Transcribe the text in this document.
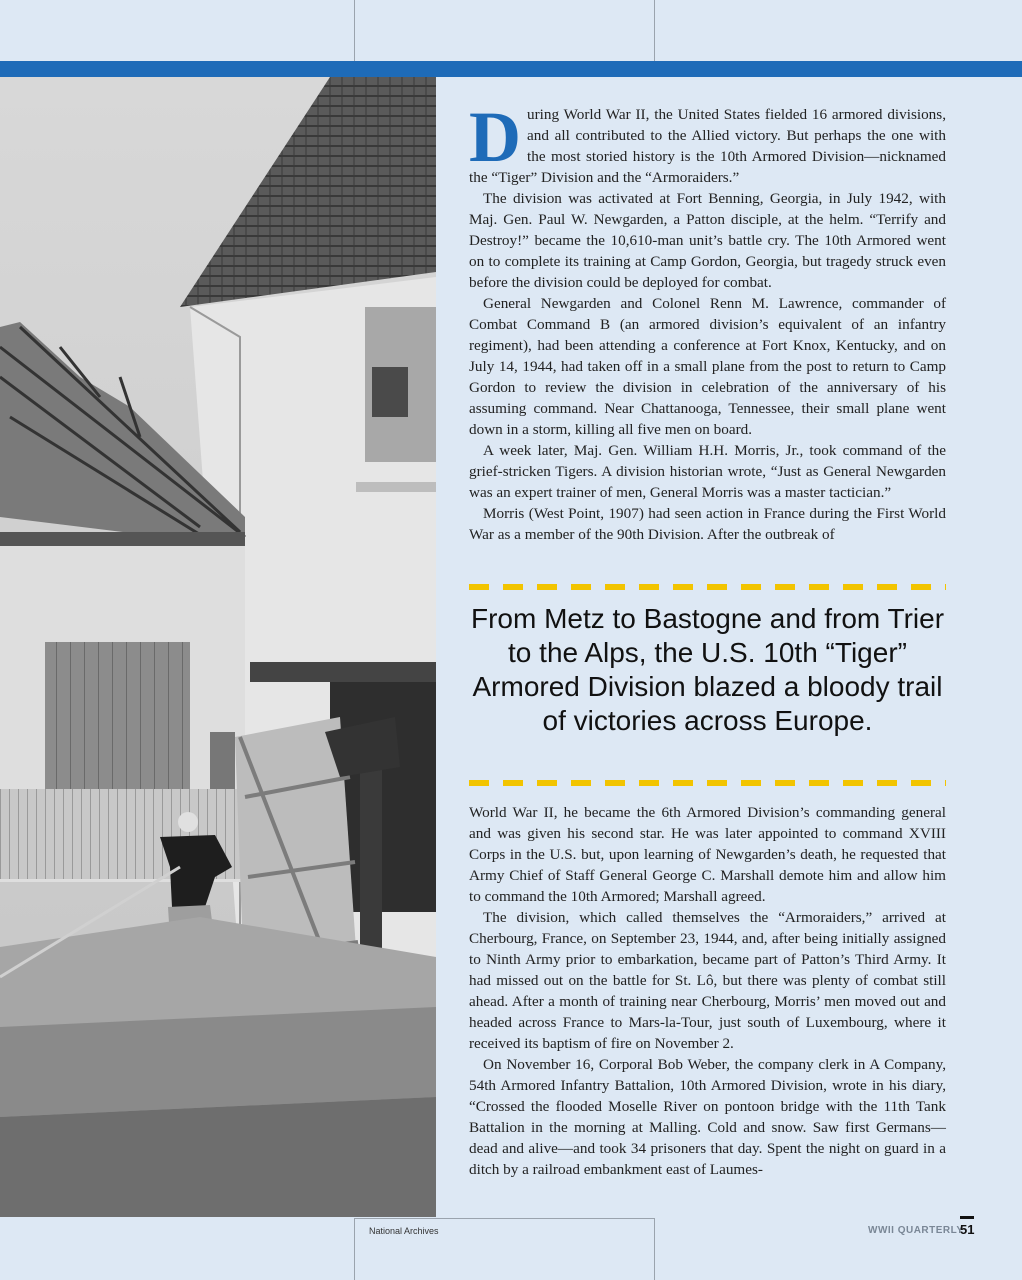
During World War II, the United States fielded 16 armored divisions, and all contributed to the Allied victory. But perhaps the one with the most storied history is the 10th Armored Division—nicknamed the “Tiger” Division and the “Armoraiders.”

The division was activated at Fort Benning, Georgia, in July 1942, with Maj. Gen. Paul W. Newgarden, a Patton disciple, at the helm. “Terrify and Destroy!” became the 10,610-man unit’s battle cry. The 10th Armored went on to complete its training at Camp Gordon, Georgia, but tragedy struck even before the division could be deployed for combat.

General Newgarden and Colonel Renn M. Lawrence, commander of Combat Command B (an armored division’s equivalent of an infantry regiment), had been attending a conference at Fort Knox, Kentucky, and on July 14, 1944, had taken off in a small plane from the post to return to Camp Gordon to review the division in celebration of the anniversary of his assuming command. Near Chattanooga, Tennessee, their small plane went down in a storm, killing all five men on board.

A week later, Maj. Gen. William H.H. Morris, Jr., took command of the grief-stricken Tigers. A division historian wrote, “Just as General Newgarden was an expert trainer of men, General Morris was a master tactician.”

Morris (West Point, 1907) had seen action in France during the First World War as a member of the 90th Division. After the outbreak of

From Metz to Bastogne and from Trier to the Alps, the U.S. 10th “Tiger” Armored Division blazed a bloody trail of victories across Europe.

World War II, he became the 6th Armored Division’s commanding general and was given his second star. He was later appointed to command XVIII Corps in the U.S. but, upon learning of Newgarden’s death, he requested that Army Chief of Staff General George C. Marshall demote him and allow him to command the 10th Armored; Marshall agreed.

The division, which called themselves the “Armoraiders,” arrived at Cherbourg, France, on September 23, 1944, and, after being initially assigned to Ninth Army prior to embarkation, became part of Patton’s Third Army. It had missed out on the battle for St. Lô, but there was plenty of combat still ahead. After a month of training near Cherbourg, Morris’ men moved out and headed across France to Mars-la-Tour, just south of Luxembourg, where it received its baptism of fire on November 2.

On November 16, Corporal Bob Weber, the company clerk in A Company, 54th Armored Infantry Battalion, 10th Armored Division, wrote in his diary, “Crossed the flooded Moselle River on pontoon bridge with the 11th Tank Battalion in the morning at Malling. Cold and snow. Saw first Germans—dead and alive—and took 34 prisoners that day. Spent the night on guard in a ditch by a railroad embankment east of Laumes-

National Archives	WWII QUARTERLY
51
